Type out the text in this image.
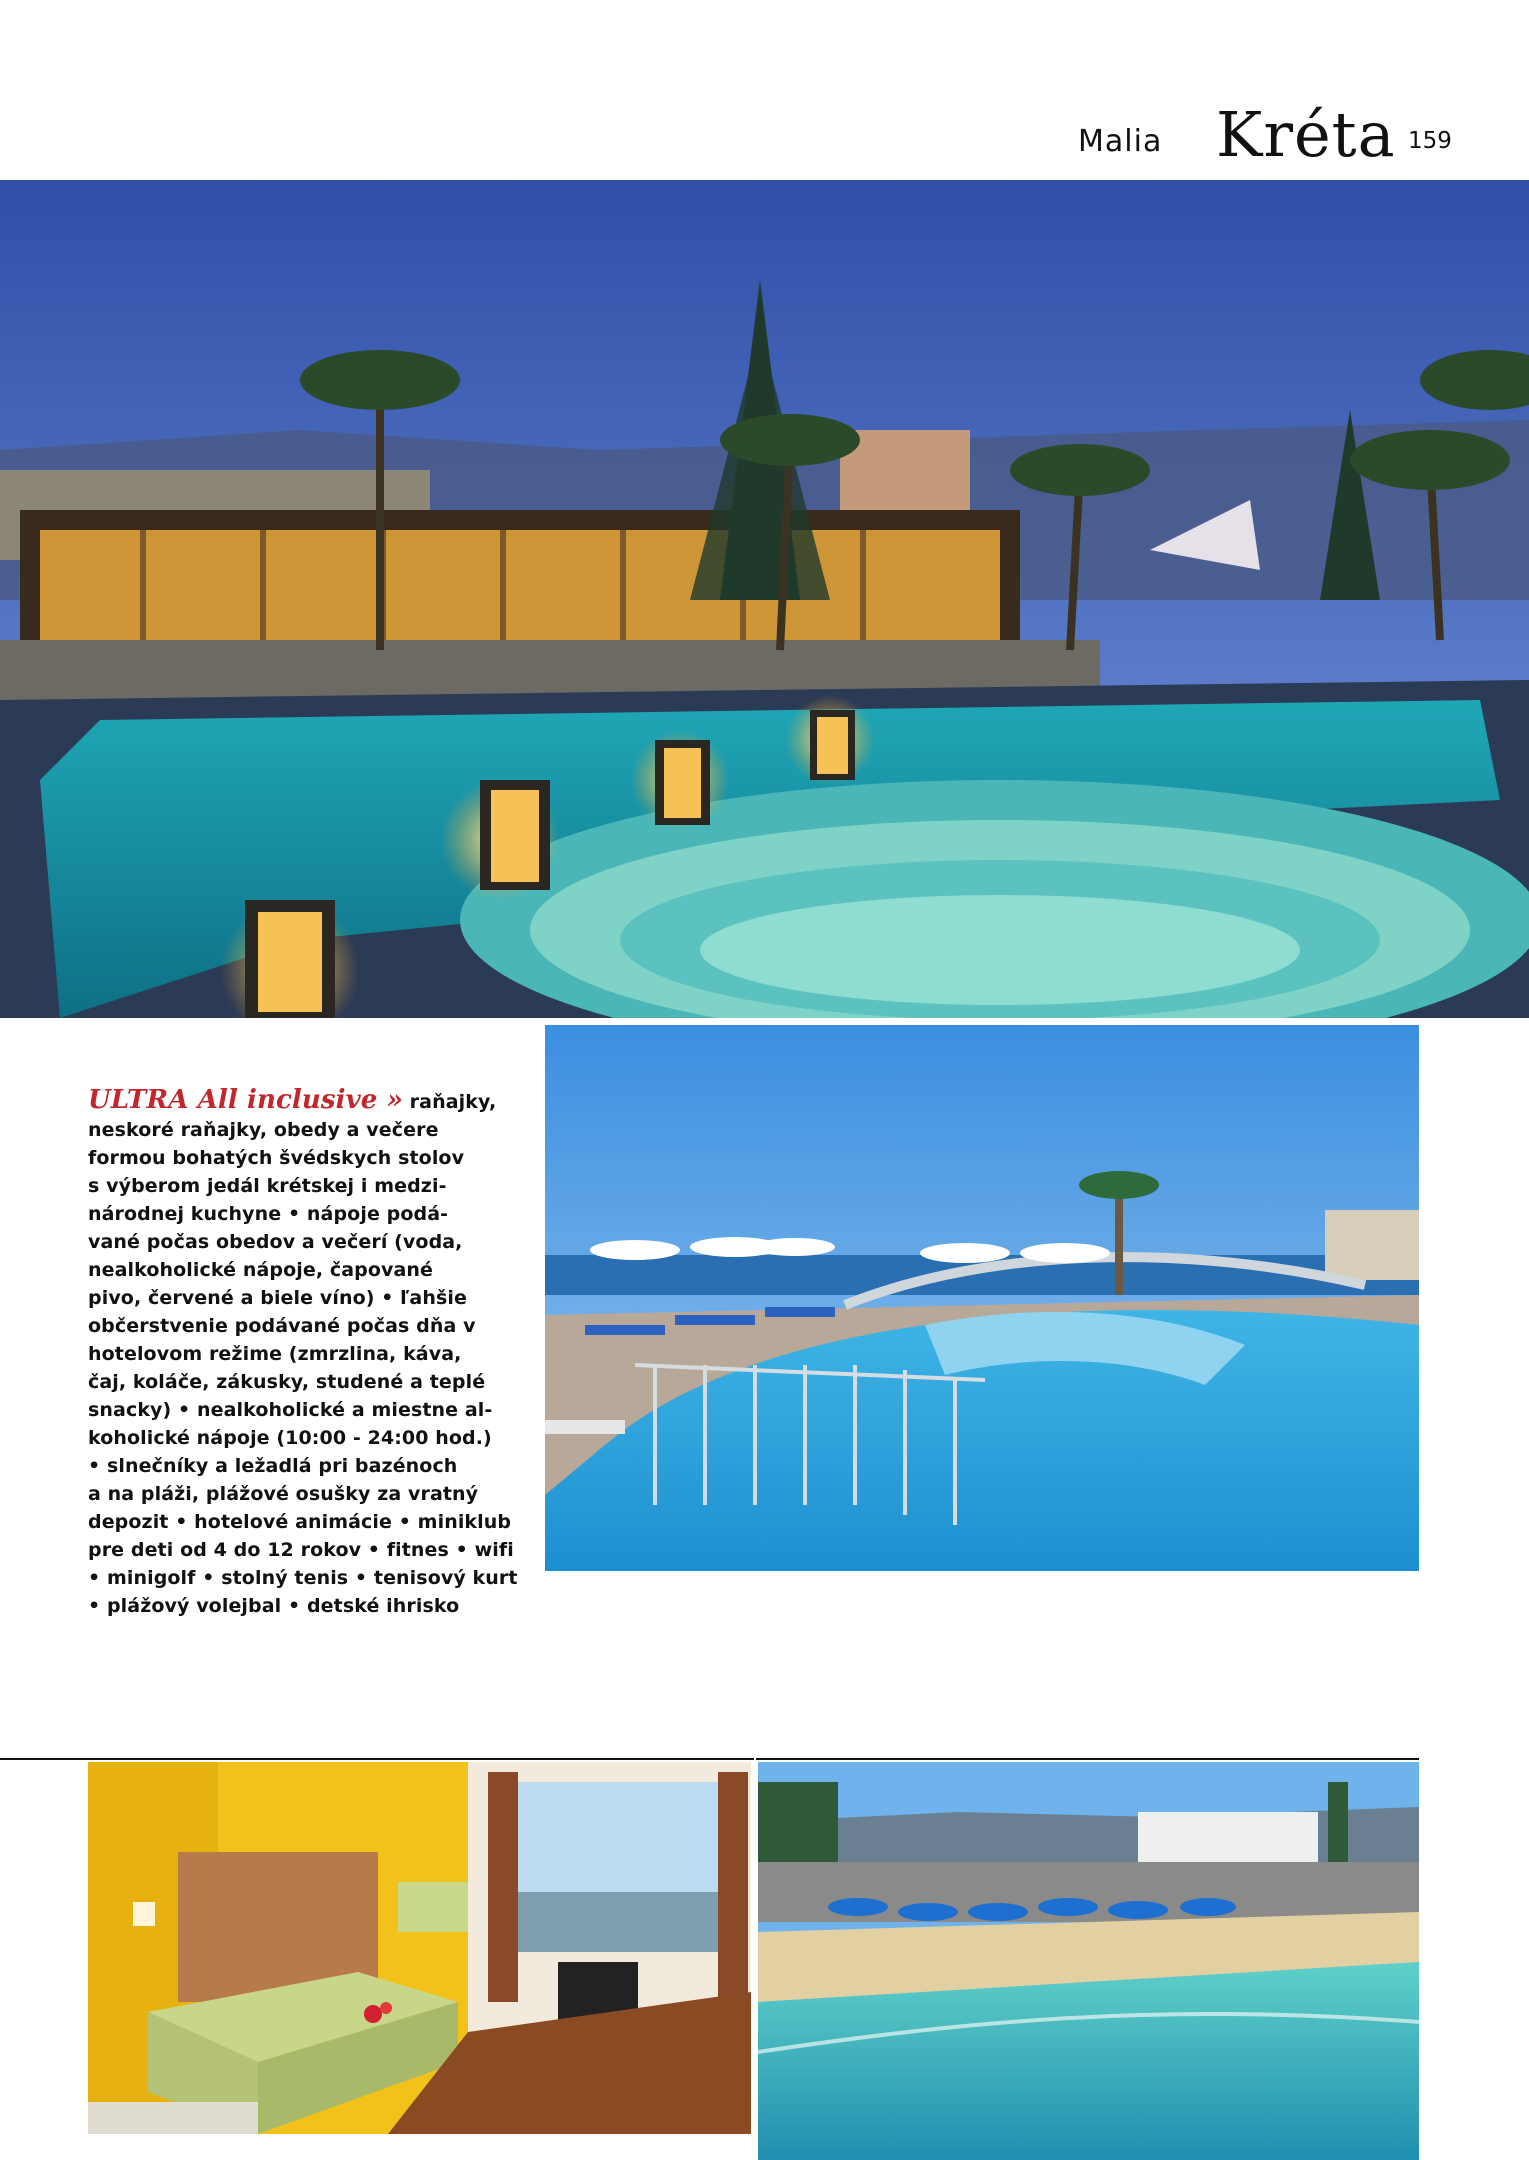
Malia Kréta 159
ULTRA All inclusive » raňajky,
neskoré raňajky, obedy a večere
formou bohatých švédskych stolov
s výberom jedál krétskej i medzi-
národnej kuchyne • nápoje podá-
vané počas obedov a večerí (voda,
nealkoholické nápoje, čapované
pivo, červené a biele víno) • ľahšie
občerstvenie podávané počas dňa v
hotelovom režime (zmrzlina, káva,
čaj, koláče, zákusky, studené a teplé
snacky) • nealkoholické a miestne al-
koholické nápoje (10:00 - 24:00 hod.)
• slnečníky a ležadlá pri bazénoch
a na pláži, plážové osušky za vratný
depozit • hotelové animácie • miniklub
pre deti od 4 do 12 rokov • fitnes • wifi
• minigolf • stolný tenis • tenisový kurt
• plážový volejbal • detské ihrisko
